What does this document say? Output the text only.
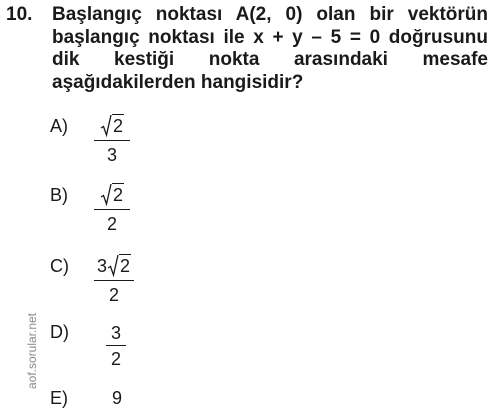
10. Başlangıç noktası A(2, 0) olan bir vektörün
başlangıç noktası ile x + y – 5 = 0 doğrusunu
dik kestiği nokta arasındaki mesafe
aşağıdakilerden hangisidir?
A)	2
3
B)	2
2
C) 3 2
2
D) 3
2
E) 9
aof.sorular.net
